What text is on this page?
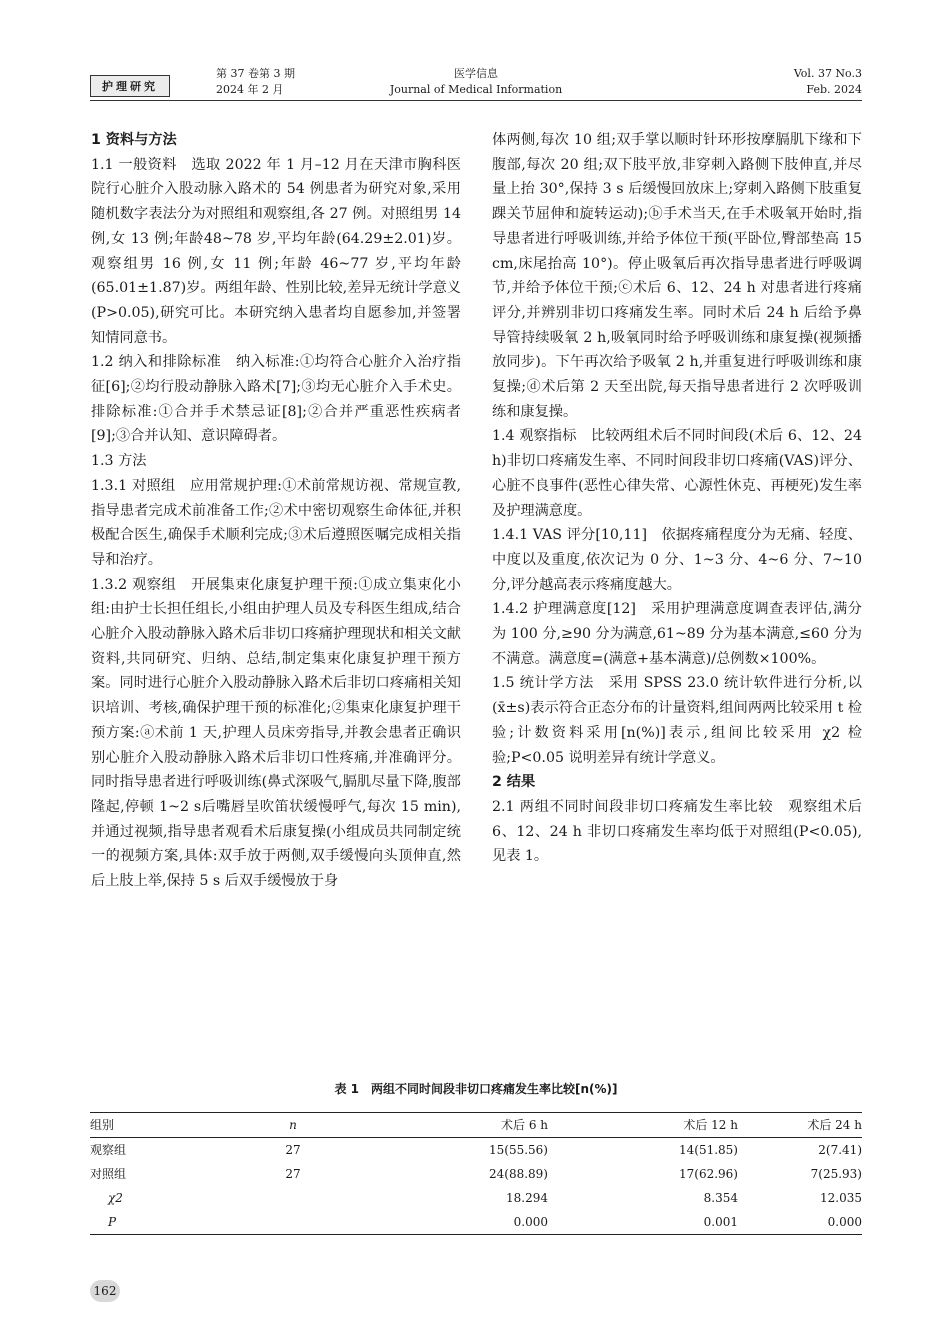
护理研究
第 37 卷第 3 期
2024 年 2 月
医学信息
Journal of Medical Information
Vol. 37 No.3
Feb. 2024

1 资料与方法

1.1 一般资料　选取 2022 年 1 月–12 月在天津市胸科医院行心脏介入股动脉入路术的 54 例患者为研究对象,采用随机数字表法分为对照组和观察组,各 27 例。对照组男 14 例,女 13 例;年龄48~78 岁,平均年龄(64.29±2.01)岁。观察组男 16 例,女 11 例;年龄 46~77 岁,平均年龄(65.01±1.87)岁。两组年龄、性别比较,差异无统计学意义(P>0.05),研究可比。本研究纳入患者均自愿参加,并签署知情同意书。

1.2 纳入和排除标准　纳入标准:①均符合心脏介入治疗指征[6];②均行股动静脉入路术[7];③均无心脏介入手术史。排除标准:①合并手术禁忌证[8];②合并严重恶性疾病者[9];③合并认知、意识障碍者。

1.3 方法

1.3.1 对照组　应用常规护理:①术前常规访视、常规宣教,指导患者完成术前准备工作;②术中密切观察生命体征,并积极配合医生,确保手术顺利完成;③术后遵照医嘱完成相关指导和治疗。

1.3.2 观察组　开展集束化康复护理干预:①成立集束化小组:由护士长担任组长,小组由护理人员及专科医生组成,结合心脏介入股动静脉入路术后非切口疼痛护理现状和相关文献资料,共同研究、归纳、总结,制定集束化康复护理干预方案。同时进行心脏介入股动静脉入路术后非切口疼痛相关知识培训、考核,确保护理干预的标准化;②集束化康复护理干预方案:ⓐ术前 1 天,护理人员床旁指导,并教会患者正确识别心脏介入股动静脉入路术后非切口性疼痛,并准确评分。同时指导患者进行呼吸训练(鼻式深吸气,膈肌尽量下降,腹部隆起,停顿 1~2 s后嘴唇呈吹笛状缓慢呼气,每次 15 min),并通过视频,指导患者观看术后康复操(小组成员共同制定统一的视频方案,具体:双手放于两侧,双手缓慢向头顶伸直,然后上肢上举,保持 5 s 后双手缓慢放于身

体两侧,每次 10 组;双手掌以顺时针环形按摩膈肌下缘和下腹部,每次 20 组;双下肢平放,非穿刺入路侧下肢伸直,并尽量上抬 30°,保持 3 s 后缓慢回放床上;穿刺入路侧下肢重复踝关节屈伸和旋转运动);ⓑ手术当天,在手术吸氧开始时,指导患者进行呼吸训练,并给予体位干预(平卧位,臀部垫高 15 cm,床尾抬高 10°)。停止吸氧后再次指导患者进行呼吸调节,并给予体位干预;ⓒ术后 6、12、24 h 对患者进行疼痛评分,并辨别非切口疼痛发生率。同时术后 24 h 后给予鼻导管持续吸氧 2 h,吸氧同时给予呼吸训练和康复操(视频播放同步)。下午再次给予吸氧 2 h,并重复进行呼吸训练和康复操;ⓓ术后第 2 天至出院,每天指导患者进行 2 次呼吸训练和康复操。

1.4 观察指标　比较两组术后不同时间段(术后 6、12、24 h)非切口疼痛发生率、不同时间段非切口疼痛(VAS)评分、心脏不良事件(恶性心律失常、心源性休克、再梗死)发生率及护理满意度。

1.4.1 VAS 评分[10,11]　依据疼痛程度分为无痛、轻度、中度以及重度,依次记为 0 分、1~3 分、4~6 分、7~10 分,评分越高表示疼痛度越大。

1.4.2 护理满意度[12]　采用护理满意度调查表评估,满分为 100 分,≥90 分为满意,61~89 分为基本满意,≤60 分为不满意。满意度=(满意+基本满意)/总例数×100%。

1.5 统计学方法　采用 SPSS 23.0 统计软件进行分析,以(x̄±s)表示符合正态分布的计量资料,组间两两比较采用 t 检验;计数资料采用[n(%)]表示,组间比较采用 χ2 检验;P<0.05 说明差异有统计学意义。

2 结果

2.1 两组不同时间段非切口疼痛发生率比较　观察组术后 6、12、24 h 非切口疼痛发生率均低于对照组(P<0.05),见表 1。

表 1　两组不同时间段非切口疼痛发生率比较[n(%)]
组别	n	术后 6 h	术后 12 h	术后 24 h
观察组	27	15(55.56)	14(51.85)	2(7.41)
对照组	27	24(88.89)	17(62.96)	7(25.93)
χ2		18.294	8.354	12.035
P		0.000	0.001	0.000
162
